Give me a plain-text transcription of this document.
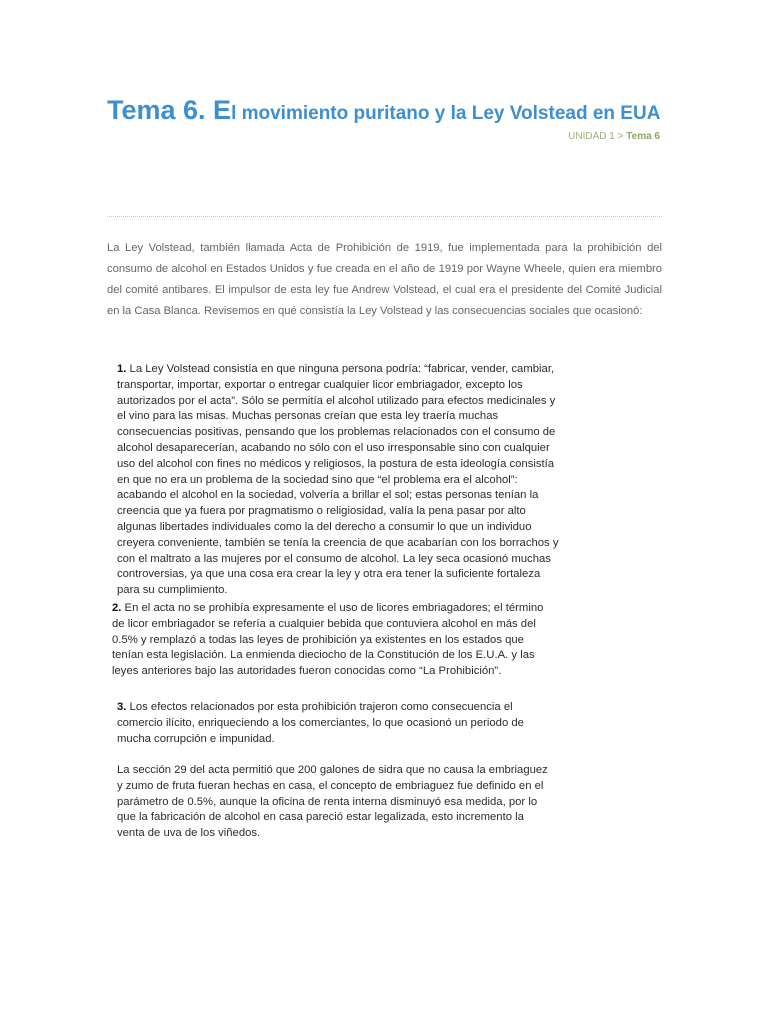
Tema 6. El movimiento puritano y la Ley Volstead en EUA
UNIDAD 1 > Tema 6

La Ley Volstead, también llamada Acta de Prohibición de 1919, fue implementada para la prohibición del consumo de alcohol en Estados Unidos y fue creada en el año de 1919 por Wayne Wheele, quien era miembro del comité antibares. El impulsor de esta ley fue Andrew Volstead, el cual era el presidente del Comité Judicial en la Casa Blanca. Revisemos en qué consistía la Ley Volstead y las consecuencias sociales que ocasionó:

1. La Ley Volstead consistía en que ninguna persona podría: “fabricar, vender, cambiar, transportar, importar, exportar o entregar cualquier licor embriagador, excepto los autorizados por el acta”. Sólo se permitía el alcohol utilizado para efectos medicinales y el vino para las misas. Muchas personas creían que esta ley traería muchas consecuencias positivas, pensando que los problemas relacionados con el consumo de alcohol desaparecerían, acabando no sólo con el uso irresponsable sino con cualquier uso del alcohol con fines no médicos y religiosos, la postura de esta ideología consistía en que no era un problema de la sociedad sino que “el problema era el alcohol”: acabando el alcohol en la sociedad, volvería a brillar el sol; estas personas tenían la creencia que ya fuera por pragmatismo o religiosidad, valía la pena pasar por alto algunas libertades individuales como la del derecho a consumir lo que un individuo creyera conveniente, también se tenía la creencia de que acabarían con los borrachos y con el maltrato a las mujeres por el consumo de alcohol. La ley seca ocasionó muchas controversias, ya que una cosa era crear la ley y otra era tener la suficiente fortaleza para su cumplimiento.

2. En el acta no se prohibía expresamente el uso de licores embriagadores; el término de licor embriagador se refería a cualquier bebida que contuviera alcohol en más del 0.5% y remplazó a todas las leyes de prohibición ya existentes en los estados que tenían esta legislación. La enmienda dieciocho de la Constitución de los E.U.A. y las leyes anteriores bajo las autoridades fueron conocidas como “La Prohibición”.

3. Los efectos relacionados por esta prohibición trajeron como consecuencia el comercio ilícito, enriqueciendo a los comerciantes, lo que ocasionó un periodo de mucha corrupción e impunidad.

La sección 29 del acta permitió que 200 galones de sidra que no causa la embriaguez y zumo de fruta fueran hechas en casa, el concepto de embriaguez fue definido en el parámetro de 0.5%, aunque la oficina de renta interna disminuyó esa medida, por lo que la fabricación de alcohol en casa pareció estar legalizada, esto incremento la venta de uva de los viñedos.
